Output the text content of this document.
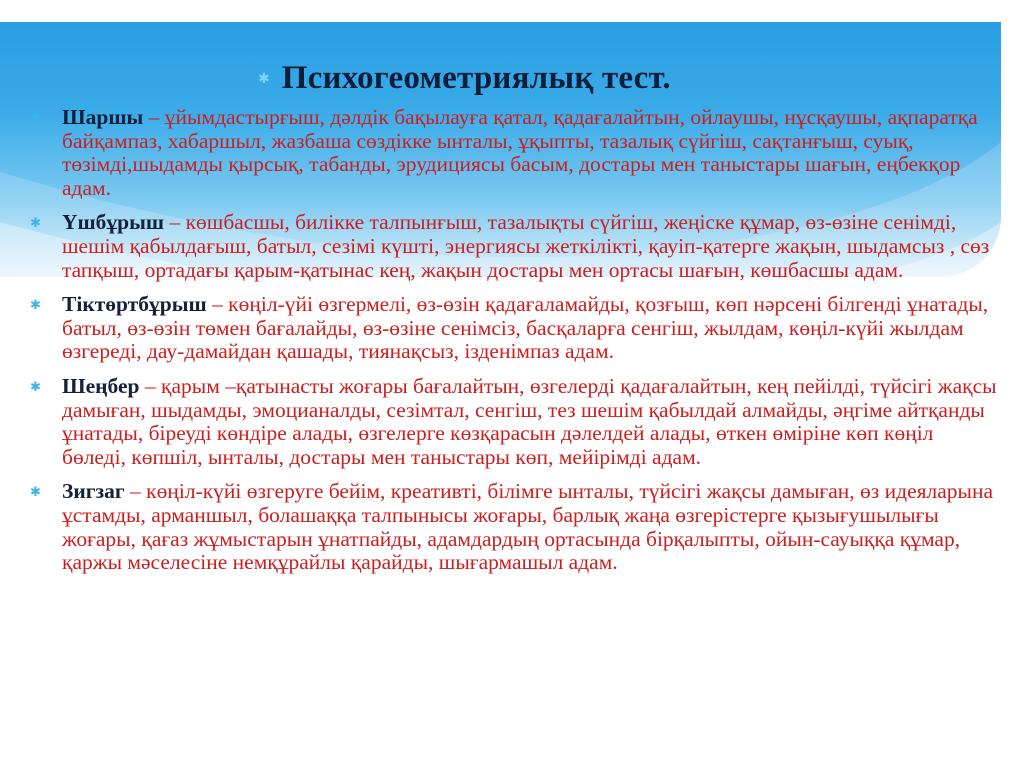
✱ Психогеометриялық тест.
✱ Шаршы – ұйымдастырғыш, дәлдік бақылауға қатал, қадағалайтын, ойлаушы, нұсқаушы, ақпаратқа байқампаз, хабаршыл, жазбаша сөздікке ынталы, ұқыпты, тазалық сүйгіш, сақтанғыш, суық, төзімді,шыдамды қырсық, табанды, эрудициясы басым, достары мен таныстары шағын, еңбекқор адам.
✱ Үшбұрыш – көшбасшы, билікке талпынғыш, тазалықты сүйгіш, жеңіске құмар, өз-өзіне сенімді, шешім қабылдағыш, батыл, сезімі күшті, энергиясы жеткілікті, қауіп-қатерге жақын, шыдамсыз , сөз тапқыш, ортадағы қарым-қатынас кең, жақын достары мен ортасы шағын, көшбасшы адам.
✱ Тіктөртбұрыш – көңіл-үйі өзгермелі, өз-өзін қадағаламайды, қозғыш, көп нәрсені білгенді ұнатады, батыл, өз-өзін төмен бағалайды, өз-өзіне сенімсіз, басқаларға сенгіш, жылдам, көңіл-күйі жылдам өзгереді, дау-дамайдан қашады, тиянақсыз, ізденімпаз адам.
✱ Шеңбер – қарым –қатынасты жоғары бағалайтын, өзгелерді қадағалайтын, кең пейілді, түйсігі жақсы дамыған, шыдамды, эмоцианалды, сезімтал, сенгіш, тез шешім қабылдай алмайды, әңгіме айтқанды ұнатады, біреуді көндіре алады, өзгелерге көзқарасын дәлелдей алады, өткен өміріне көп көңіл бөледі, көпшіл, ынталы, достары мен таныстары көп, мейірімді адам.
✱ Зигзаг – көңіл-күйі өзгеруге бейім, креативті, білімге ынталы, түйсігі жақсы дамыған, өз идеяларына ұстамды, арманшыл, болашаққа талпынысы жоғары, барлық жаңа өзгерістерге қызығушылығы жоғары, қағаз жұмыстарын ұнатпайды, адамдардың ортасында бірқалыпты, ойын-сауыққа құмар, қаржы мәселесіне немқұрайлы қарайды, шығармашыл адам.
